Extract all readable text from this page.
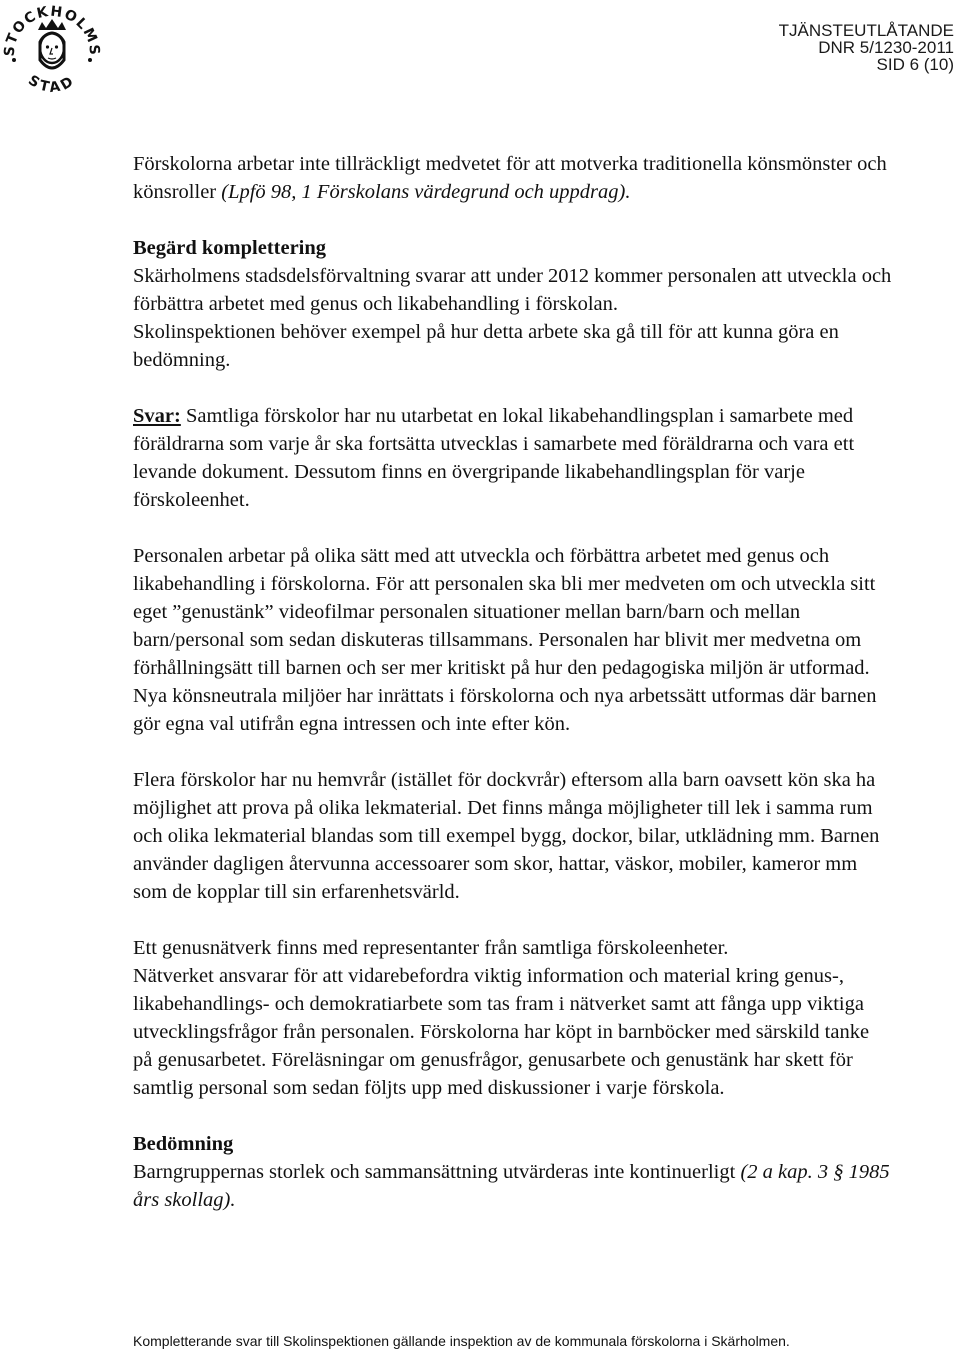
STOCKHOLMS
STAD
TJÄNSTEUTLÅTANDE
DNR 5/1230-2011
SID 6 (10)

Förskolorna arbetar inte tillräckligt medvetet för att motverka traditionella könsmönster och könsroller (Lpfö 98, 1 Förskolans värdegrund och uppdrag).

Begärd komplettering

Skärholmens stadsdelsförvaltning svarar att under 2012 kommer personalen att utveckla och förbättra arbetet med genus och likabehandling i förskolan.

Skolinspektionen behöver exempel på hur detta arbete ska gå till för att kunna göra en bedömning.

Svar: Samtliga förskolor har nu utarbetat en lokal likabehandlingsplan i samarbete med föräldrarna som varje år ska fortsätta utvecklas i samarbete med föräldrarna och vara ett levande dokument. Dessutom finns en övergripande likabehandlingsplan för varje förskoleenhet.

Personalen arbetar på olika sätt med att utveckla och förbättra arbetet med genus och likabehandling i förskolorna. För att personalen ska bli mer medveten om och utveckla sitt eget ”genustänk” videofilmar personalen situationer mellan barn/barn och mellan barn/personal som sedan diskuteras tillsammans. Personalen har blivit mer medvetna om förhållningsätt till barnen och ser mer kritiskt på hur den pedagogiska miljön är utformad. Nya könsneutrala miljöer har inrättats i förskolorna och nya arbetssätt utformas där barnen gör egna val utifrån egna intressen och inte efter kön.

Flera förskolor har nu hemvrår (istället för dockvrår) eftersom alla barn oavsett kön ska ha möjlighet att prova på olika lekmaterial. Det finns många möjligheter till lek i samma rum och olika lekmaterial blandas som till exempel bygg, dockor, bilar, utklädning mm. Barnen använder dagligen återvunna accessoarer som skor, hattar, väskor, mobiler, kameror mm som de kopplar till sin erfarenhetsvärld.

Ett genusnätverk finns med representanter från samtliga förskoleenheter.

Nätverket ansvarar för att vidarebefordra viktig information och material kring genus-, likabehandlings- och demokratiarbete som tas fram i nätverket samt att fånga upp viktiga utvecklingsfrågor från personalen. Förskolorna har köpt in barnböcker med särskild tanke på genusarbetet. Föreläsningar om genusfrågor, genusarbete och genustänk har skett för samtlig personal som sedan följts upp med diskussioner i varje förskola.

Bedömning

Barngruppernas storlek och sammansättning utvärderas inte kontinuerligt (2 a kap. 3 § 1985 års skollag).

Kompletterande svar till Skolinspektionen gällande inspektion av de kommunala förskolorna i Skärholmen.
